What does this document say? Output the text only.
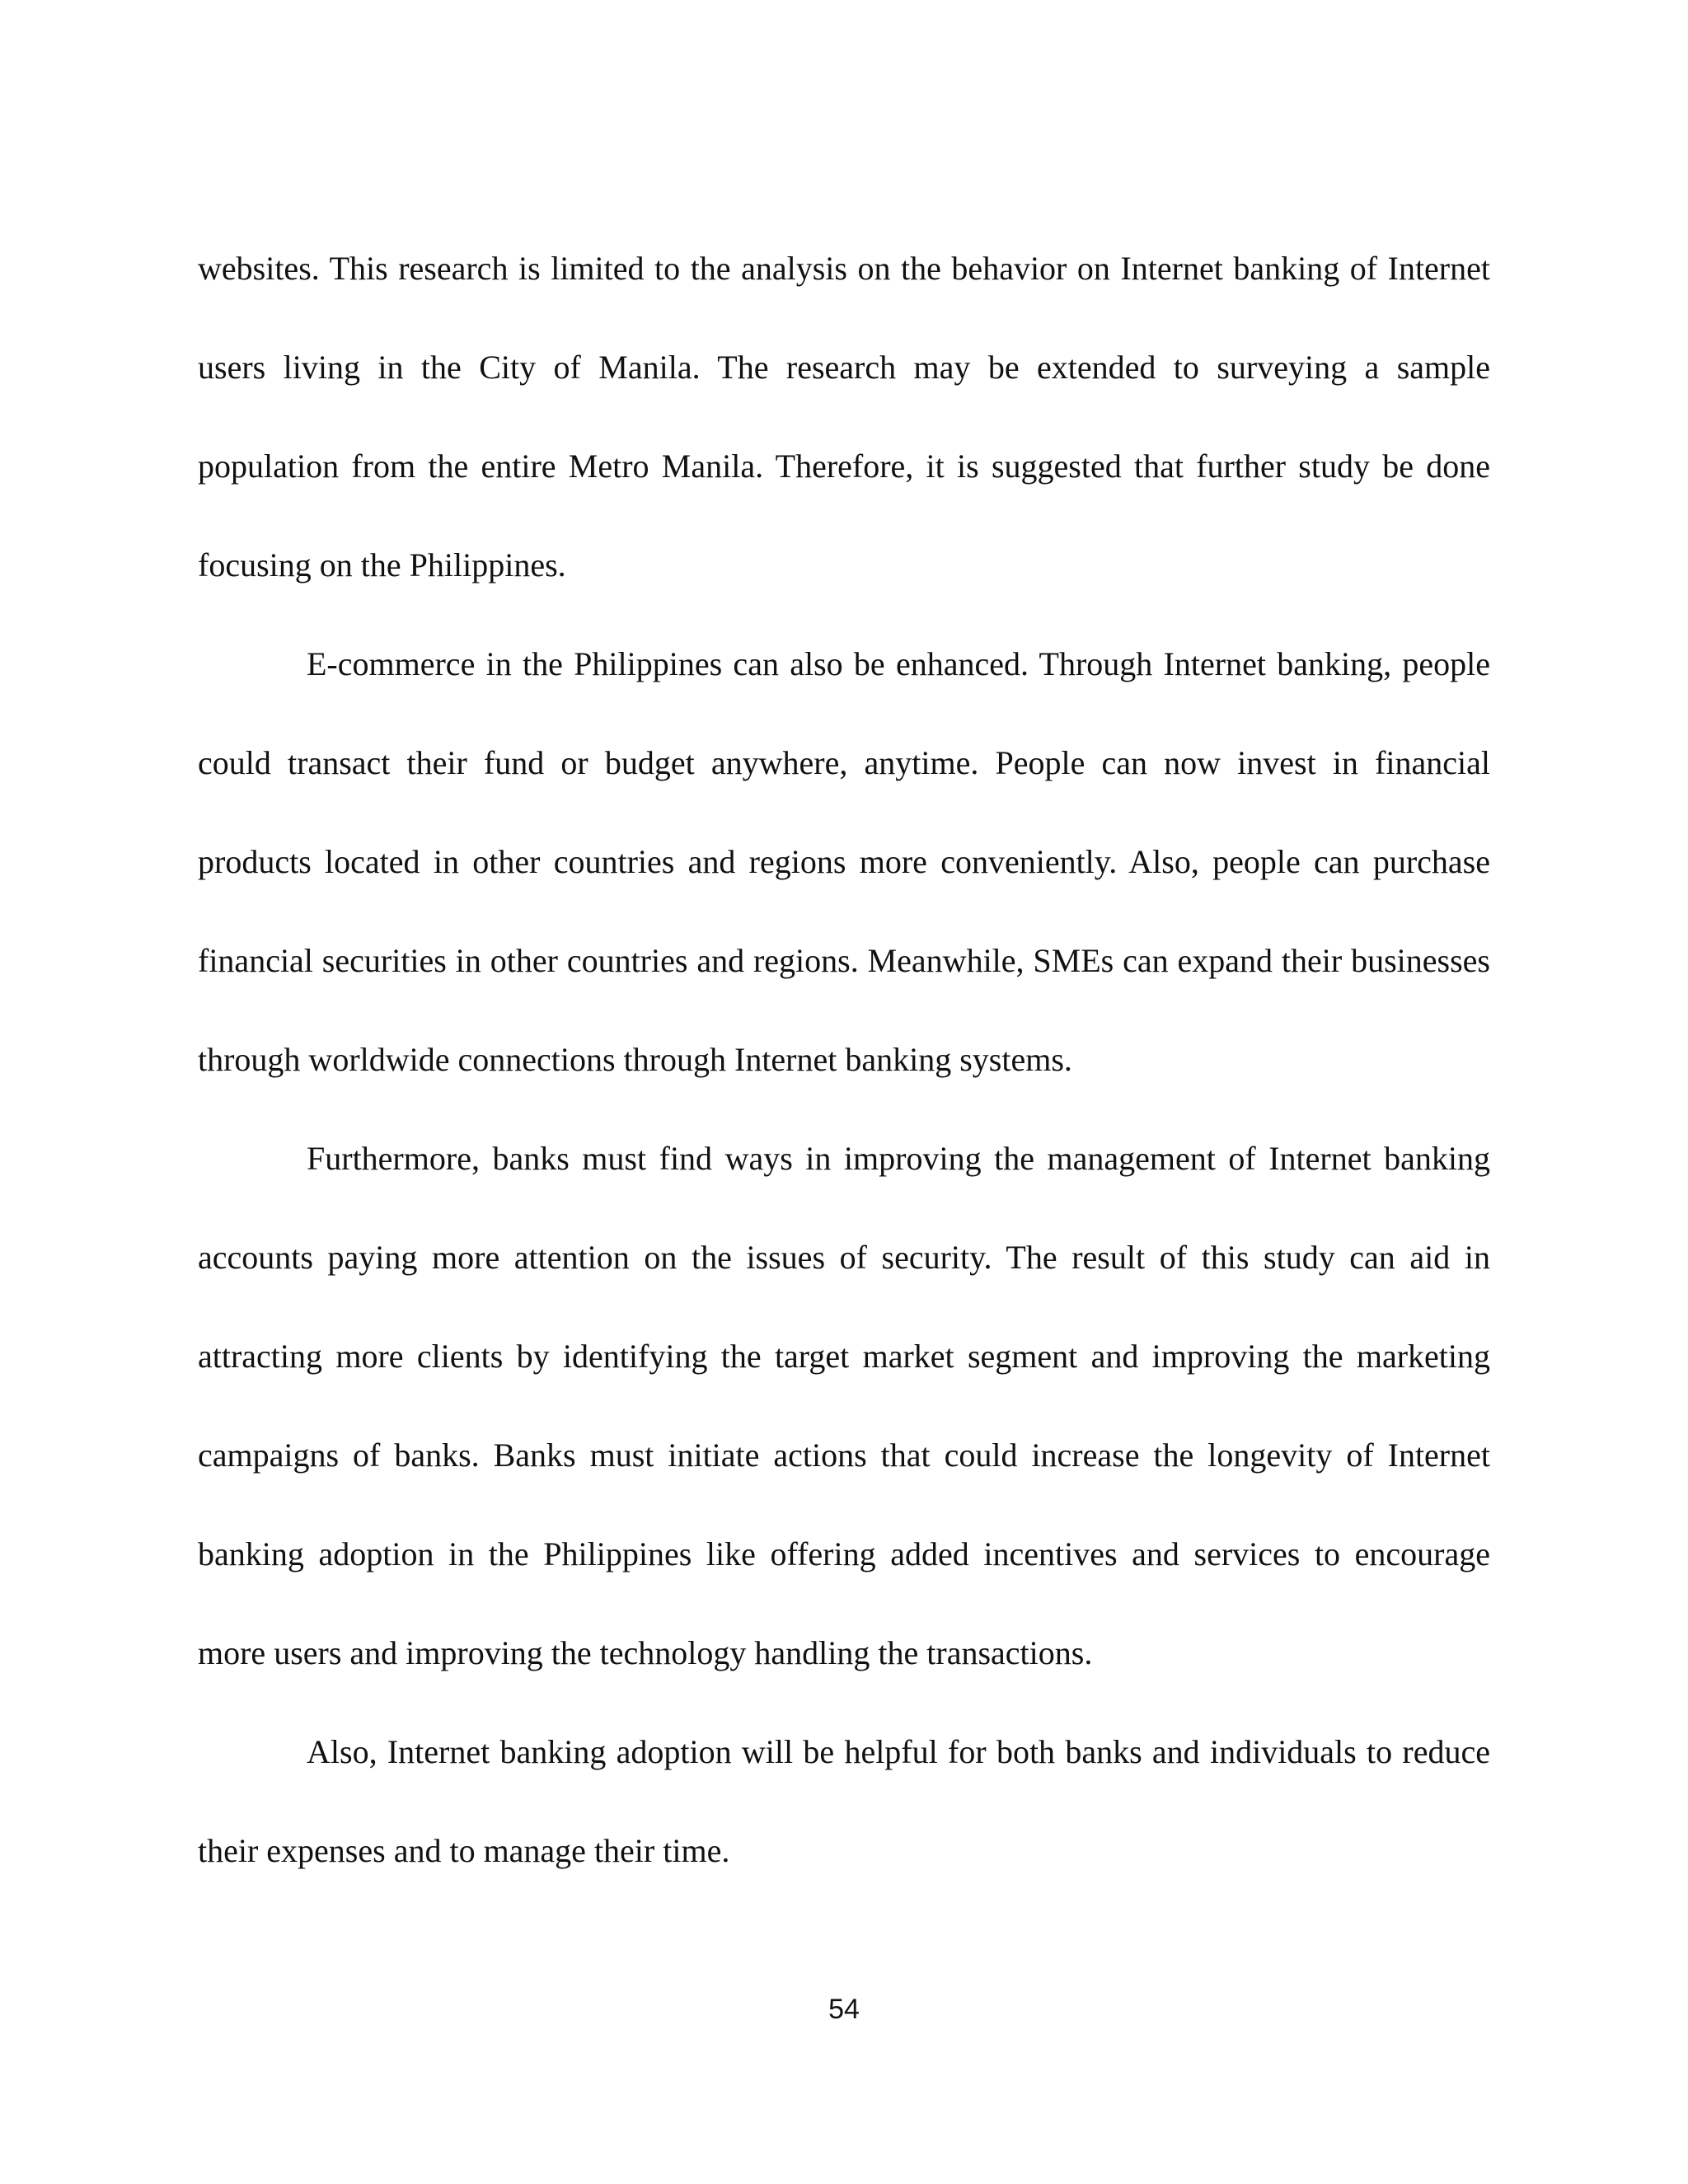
websites. This research is limited to the analysis on the behavior on Internet banking of Internet users living in the City of Manila. The research may be extended to surveying a sample population from the entire Metro Manila. Therefore, it is suggested that further study be done focusing on the Philippines.

E-commerce in the Philippines can also be enhanced. Through Internet banking, people could transact their fund or budget anywhere, anytime. People can now invest in financial products located in other countries and regions more conveniently. Also, people can purchase financial securities in other countries and regions. Meanwhile, SMEs can expand their businesses through worldwide connections through Internet banking systems.

Furthermore, banks must find ways in improving the management of Internet banking accounts paying more attention on the issues of security. The result of this study can aid in attracting more clients by identifying the target market segment and improving the marketing campaigns of banks. Banks must initiate actions that could increase the longevity of Internet banking adoption in the Philippines like offering added incentives and services to encourage more users and improving the technology handling the transactions.

Also, Internet banking adoption will be helpful for both banks and individuals to reduce their expenses and to manage their time.

54
